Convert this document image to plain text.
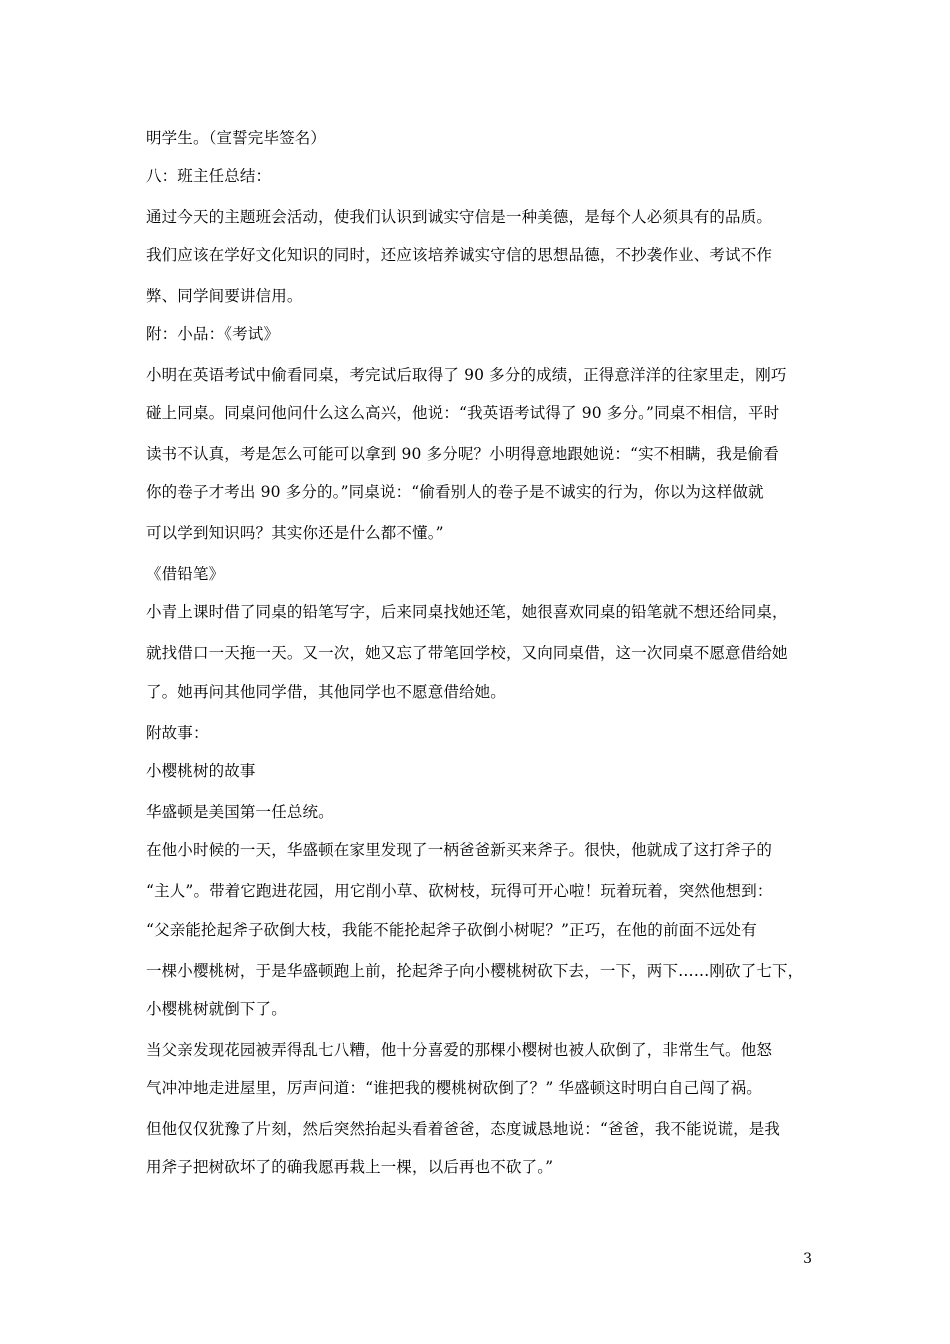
明学生。（宣誓完毕签名）
八：班主任总结：
通过今天的主题班会活动，使我们认识到诚实守信是一种美德，是每个人必须具有的品质。
我们应该在学好文化知识的同时，还应该培养诚实守信的思想品德，不抄袭作业、考试不作
弊、同学间要讲信用。
附：小品：《考试》
小明在英语考试中偷看同桌，考完试后取得了 90 多分的成绩，正得意洋洋的往家里走，刚巧
碰上同桌。同桌问他问什么这么高兴，他说：“我英语考试得了 90 多分。”同桌不相信，平时
读书不认真，考是怎么可能可以拿到 90 多分呢？小明得意地跟她说：“实不相瞒，我是偷看
你的卷子才考出 90 多分的。”同桌说：“偷看别人的卷子是不诚实的行为，你以为这样做就
可以学到知识吗？其实你还是什么都不懂。”
《借铅笔》
小青上课时借了同桌的铅笔写字，后来同桌找她还笔，她很喜欢同桌的铅笔就不想还给同桌，
就找借口一天拖一天。又一次，她又忘了带笔回学校，又向同桌借，这一次同桌不愿意借给她
了。她再问其他同学借，其他同学也不愿意借给她。
附故事：
小樱桃树的故事
华盛顿是美国第一任总统。
在他小时候的一天，华盛顿在家里发现了一柄爸爸新买来斧子。很快，他就成了这打斧子的
“主人”。带着它跑进花园，用它削小草、砍树枝，玩得可开心啦！玩着玩着，突然他想到：
“父亲能抡起斧子砍倒大枝，我能不能抡起斧子砍倒小树呢？”正巧，在他的前面不远处有
一棵小樱桃树，于是华盛顿跑上前，抡起斧子向小樱桃树砍下去，一下，两下……刚砍了七下，
小樱桃树就倒下了。
当父亲发现花园被弄得乱七八糟，他十分喜爱的那棵小樱树也被人砍倒了，非常生气。他怒
气冲冲地走进屋里，厉声问道：“谁把我的樱桃树砍倒了？” 华盛顿这时明白自己闯了祸。
但他仅仅犹豫了片刻，然后突然抬起头看着爸爸，态度诚恳地说：“爸爸，我不能说谎，是我
用斧子把树砍坏了的确我愿再栽上一棵，以后再也不砍了。”
3
